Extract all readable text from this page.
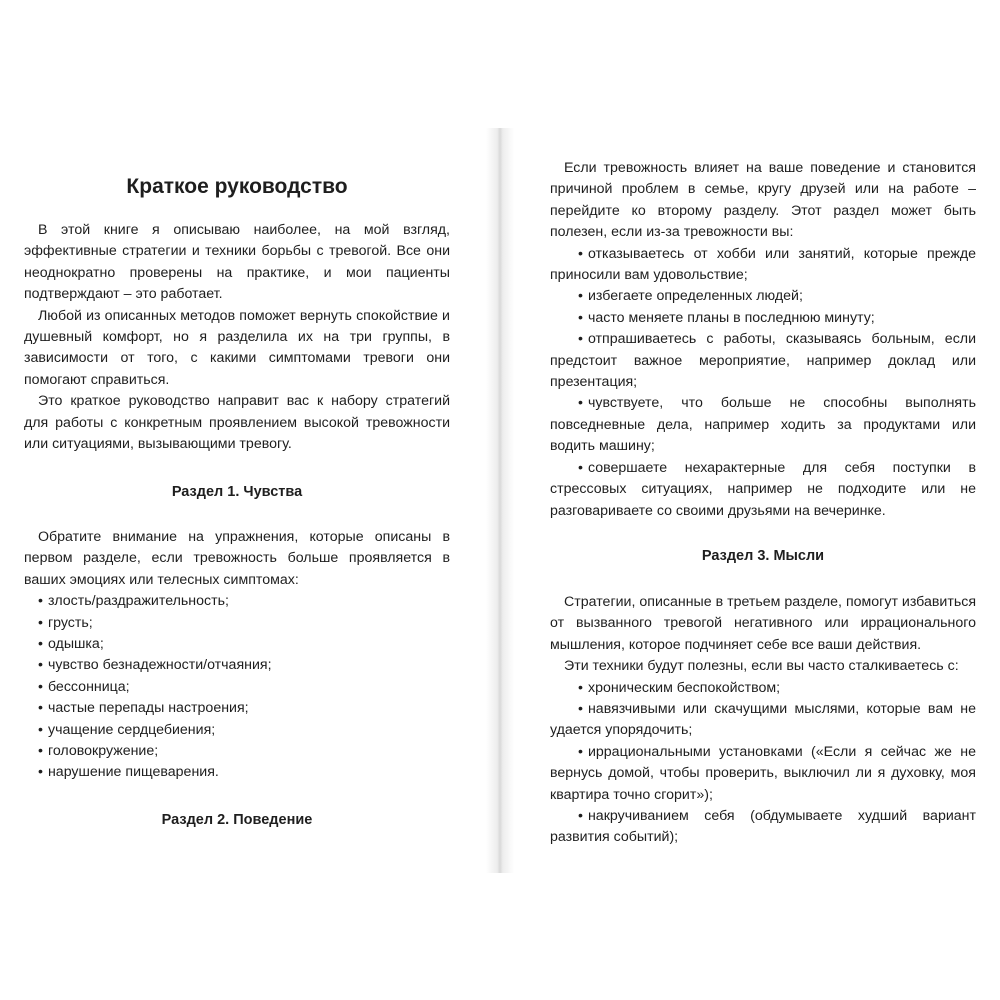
Краткое руководство

В этой книге я описываю наиболее, на мой взгляд, эффективные стратегии и техники борьбы с тревогой. Все они неоднократно проверены на практике, и мои пациенты подтверждают – это работает.

Любой из описанных методов поможет вернуть спокойствие и душевный комфорт, но я разделила их на три группы, в зависимости от того, с какими симптомами тревоги они помогают справиться.

Это краткое руководство направит вас к набору стратегий для работы с конкретным проявлением высокой тревожности или ситуациями, вызывающими тревогу.

Раздел 1. Чувства

Обратите внимание на упражнения, которые описаны в первом разделе, если тревожность больше проявляется в ваших эмоциях или телесных симптомах:

• злость/раздражительность;
• грусть;
• одышка;
• чувство безнадежности/отчаяния;
• бессонница;
• частые перепады настроения;
• учащение сердцебиения;
• головокружение;
• нарушение пищеварения.
Раздел 2. Поведение

Если тревожность влияет на ваше поведение и становится причиной проблем в семье, кругу друзей или на работе – перейдите ко второму разделу. Этот раздел может быть полезен, если из-за тревожности вы:

• отказываетесь от хобби или занятий, которые прежде приносили вам удовольствие;
• избегаете определенных людей;
• часто меняете планы в последнюю минуту;
• отпрашиваетесь с работы, сказываясь больным, если предстоит важное мероприятие, например доклад или презентация;
• чувствуете, что больше не способны выполнять повседневные дела, например ходить за продуктами или водить машину;
• совершаете нехарактерные для себя поступки в стрессовых ситуациях, например не подходите или не разговариваете со своими друзьями на вечеринке.
Раздел 3. Мысли

Стратегии, описанные в третьем разделе, помогут избавиться от вызванного тревогой негативного или иррационального мышления, которое подчиняет себе все ваши действия.

Эти техники будут полезны, если вы часто сталкиваетесь с:

• хроническим беспокойством;
• навязчивыми или скачущими мыслями, которые вам не удается упорядочить;
• иррациональными установками («Если я сейчас же не вернусь домой, чтобы проверить, выключил ли я духовку, моя квартира точно сгорит»);
• накручиванием себя (обдумываете худший вариант развития событий);
